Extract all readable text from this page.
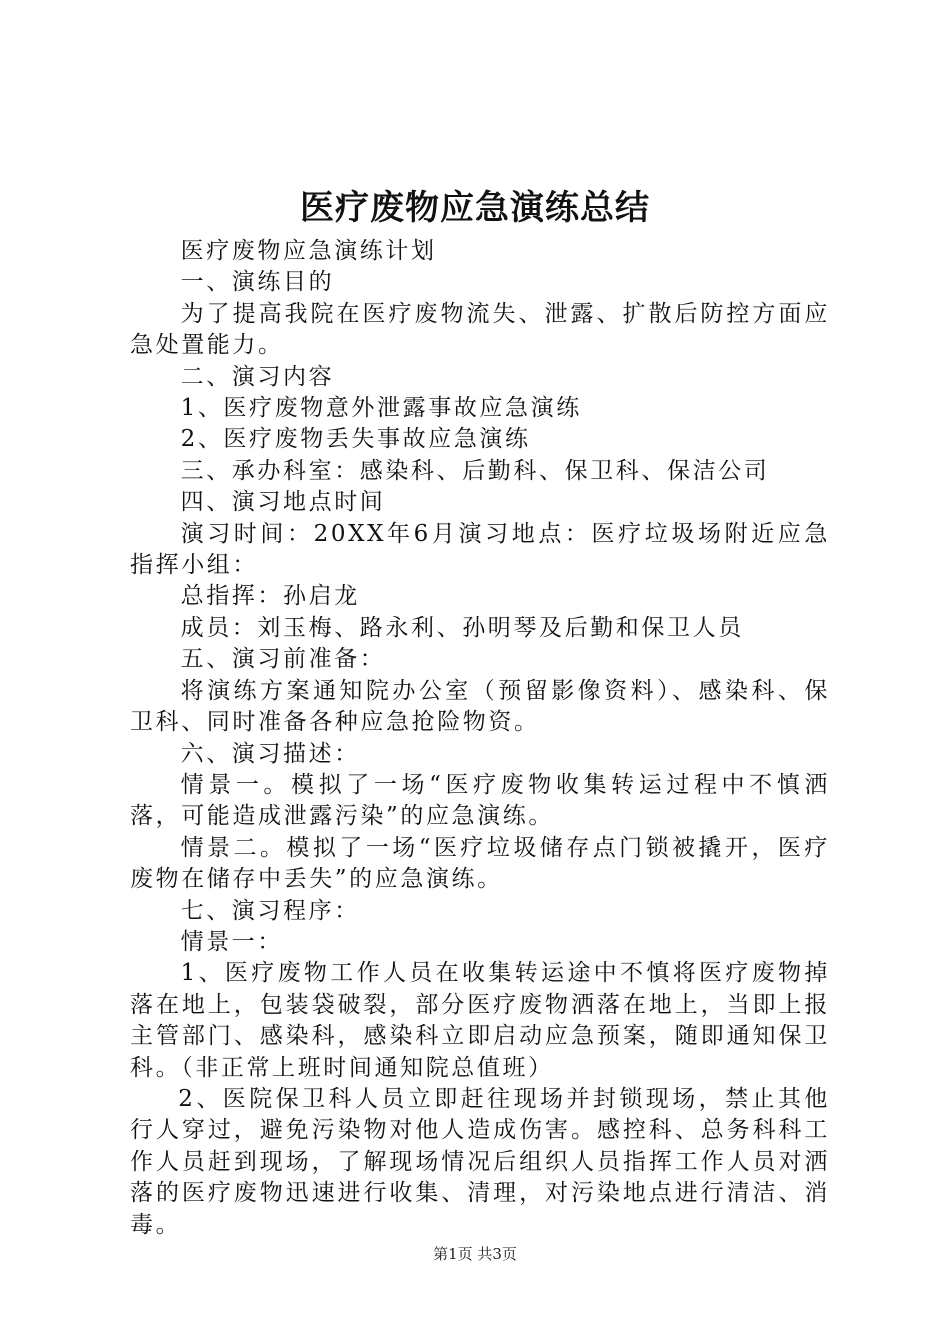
医疗废物应急演练总结

医疗废物应急演练计划

一、演练目的

为了提高我院在医疗废物流失、泄露、扩散后防控方面应急处置能力。

二、演习内容

1、医疗废物意外泄露事故应急演练

2、医疗废物丢失事故应急演练

三、承办科室：感染科、后勤科、保卫科、保洁公司

四、演习地点时间

演习时间：20XX年6月演习地点：医疗垃圾场附近应急指挥小组：

总指挥：孙启龙

成员：刘玉梅、路永利、孙明琴及后勤和保卫人员

五、演习前准备：

将演练方案通知院办公室（预留影像资料）、感染科、保卫科、同时准备各种应急抢险物资。

六、演习描述：

情景一。模拟了一场“医疗废物收集转运过程中不慎洒落，可能造成泄露污染”的应急演练。

情景二。模拟了一场“医疗垃圾储存点门锁被撬开，医疗废物在储存中丢失”的应急演练。

七、演习程序：

情景一：

1、医疗废物工作人员在收集转运途中不慎将医疗废物掉落在地上，包装袋破裂，部分医疗废物洒落在地上，当即上报主管部门、感染科，感染科立即启动应急预案，随即通知保卫科。（非正常上班时间通知院总值班）

2、医院保卫科人员立即赶往现场并封锁现场，禁止其他行人穿过，避免污染物对他人造成伤害。感控科、总务科科工作人员赶到现场，了解现场情况后组织人员指挥工作人员对洒落的医疗废物迅速进行收集、清理，对污染地点进行清洁、消毒。

第1页 共3页
